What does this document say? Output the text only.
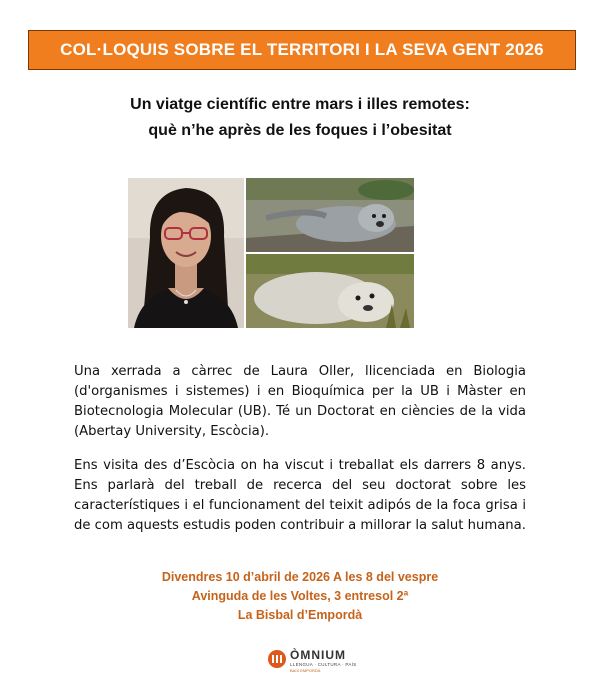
COL·LOQUIS SOBRE EL TERRITORI I LA SEVA GENT 2026
Un viatge científic entre mars i illes remotes:
què n’he après de les foques i l’obesitat
Una xerrada a càrrec de Laura Oller, llicenciada en Biologia (d'organismes i sistemes) i en Bioquímica per la UB i Màster en Biotecnologia Molecular (UB). Té un Doctorat en ciències de la vida (Abertay University, Escòcia).
Ens visita des d’Escòcia on ha viscut i treballat els darrers 8 anys. Ens parlarà del treball de recerca del seu doctorat sobre les característiques i el funcionament del teixit adipós de la foca grisa i de com aquests estudis poden contribuir a millorar la salut humana.
Divendres 10 d’abril de 2026 A les 8 del vespre
Avinguda de les Voltes, 3 entresol 2ª
La Bisbal d’Empordà
ÒMNIUM
LLENGUA · CULTURA · PAÍS
BAIX EMPORDÀ
